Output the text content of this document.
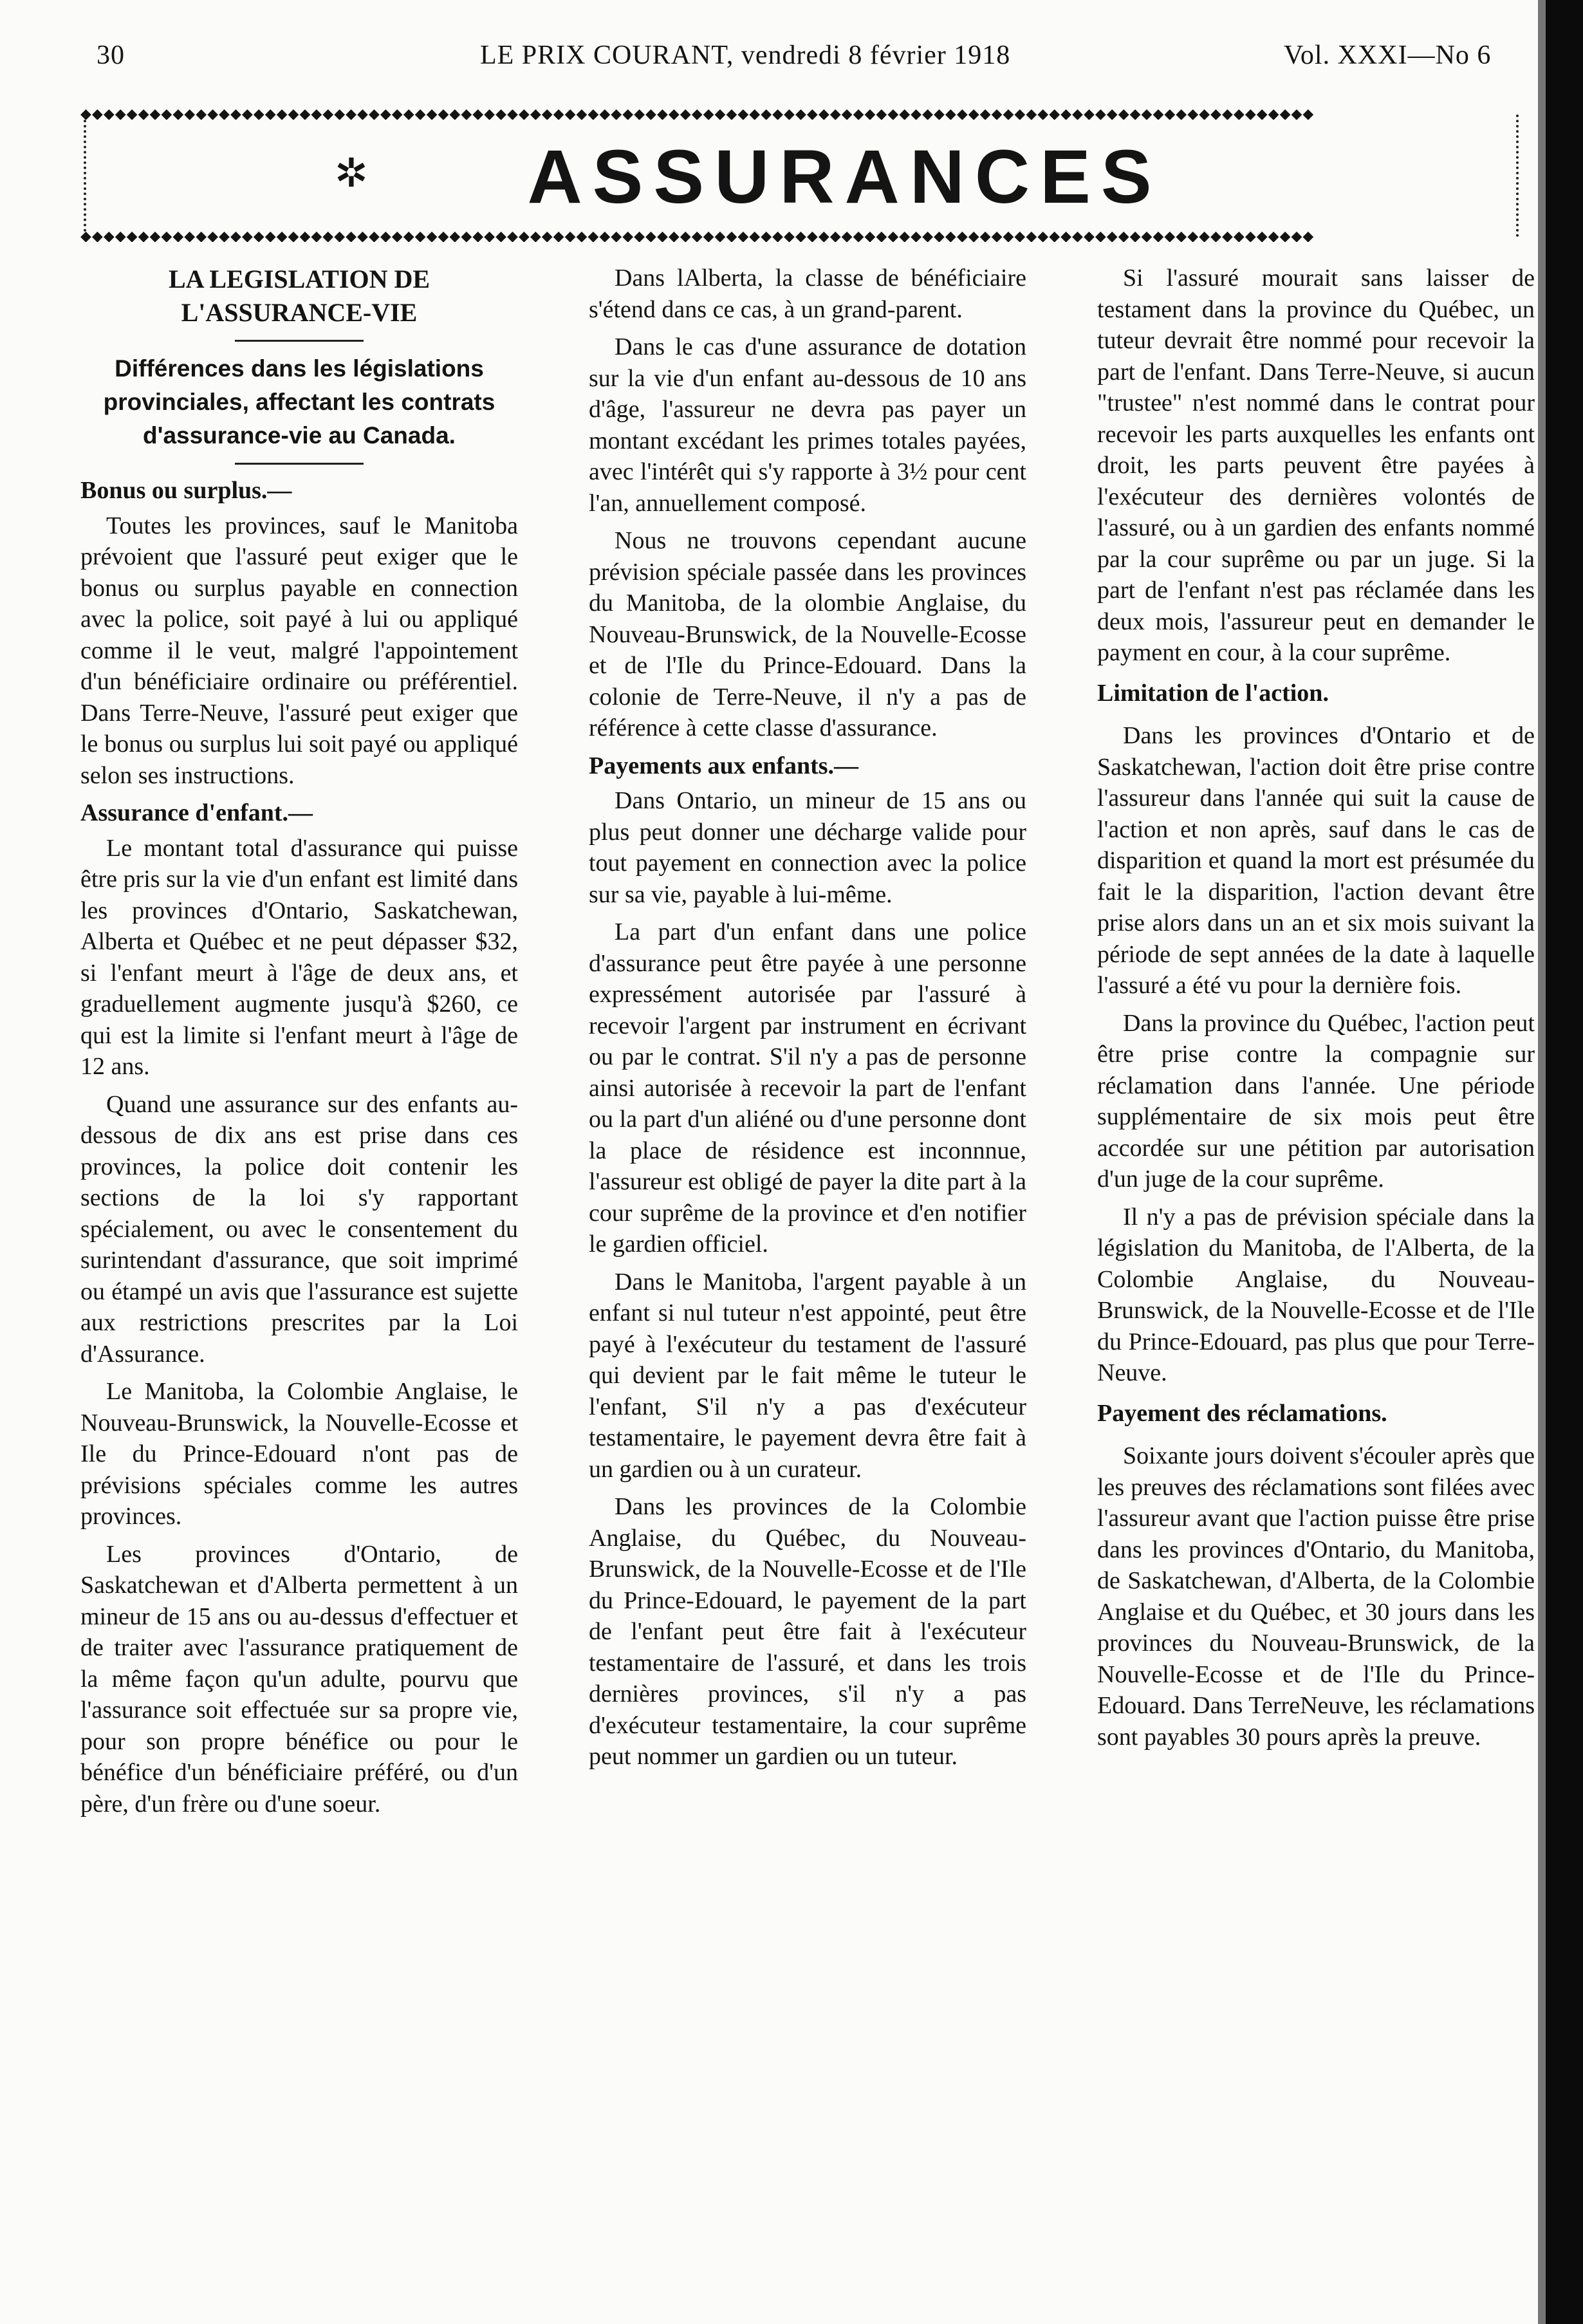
30	LE PRIX COURANT, vendredi 8 février 1918	Vol. XXXI—No 6
◆◆◆◆◆◆◆◆◆◆◆◆◆◆◆◆◆◆◆◆◆◆◆◆◆◆◆◆◆◆◆◆◆◆◆◆◆◆◆◆◆◆◆◆◆◆◆◆◆◆◆◆◆◆◆◆◆◆◆◆◆◆◆◆◆◆◆◆◆◆◆◆◆◆◆◆◆◆◆◆◆◆◆◆◆◆◆◆◆◆◆◆◆◆◆◆◆◆◆◆◆◆◆◆◆◆◆
◆◆◆◆◆◆◆◆◆◆◆◆◆◆◆◆◆◆◆◆◆◆◆◆◆◆◆◆◆◆◆◆◆◆◆◆◆◆◆◆◆◆◆◆◆◆◆◆◆◆◆◆◆◆◆◆◆◆◆◆◆◆◆◆◆◆◆◆◆◆◆◆◆◆◆◆◆◆◆◆◆◆◆◆◆◆◆◆◆◆◆◆◆◆◆◆◆◆◆◆◆◆◆◆◆◆◆
✲	ASSURANCES
LA LEGISLATION DE L'ASSURANCE-VIE
Différences dans les législations provinciales, affectant les contrats d'assurance-vie au Canada.
Bonus ou surplus.—

Toutes les provinces, sauf le Manitoba prévoient que l'assuré peut exiger que le bonus ou surplus payable en connection avec la police, soit payé à lui ou appliqué comme il le veut, malgré l'appointement d'un bénéficiaire ordinaire ou préférentiel. Dans Terre-Neuve, l'assuré peut exiger que le bonus ou surplus lui soit payé ou appliqué selon ses instructions.

Assurance d'enfant.—

Le montant total d'assurance qui puisse être pris sur la vie d'un enfant est limité dans les provinces d'Ontario, Saskatchewan, Alberta et Québec et ne peut dépasser $32, si l'enfant meurt à l'âge de deux ans, et graduellement augmente jusqu'à $260, ce qui est la limite si l'enfant meurt à l'âge de 12 ans.

Quand une assurance sur des enfants au-dessous de dix ans est prise dans ces provinces, la police doit contenir les sections de la loi s'y rapportant spécialement, ou avec le consentement du surintendant d'assurance, que soit imprimé ou étampé un avis que l'assurance est sujette aux restrictions prescrites par la Loi d'Assurance.

Le Manitoba, la Colombie Anglaise, le Nouveau-Brunswick, la Nouvelle-Ecosse et Ile du Prince-Edouard n'ont pas de prévisions spéciales comme les autres provinces.

Les provinces d'Ontario, de Saskatchewan et d'Alberta permettent à un mineur de 15 ans ou au-dessus d'effectuer et de traiter avec l'assurance pratiquement de la même façon qu'un adulte, pourvu que l'assurance soit effectuée sur sa propre vie, pour son propre bénéfice ou pour le bénéfice d'un bénéficiaire préféré, ou d'un père, d'un frère ou d'une soeur.

Dans lAlberta, la classe de bénéficiaire s'étend dans ce cas, à un grand-parent.

Dans le cas d'une assurance de dotation sur la vie d'un enfant au-dessous de 10 ans d'âge, l'assureur ne devra pas payer un montant excédant les primes totales payées, avec l'intérêt qui s'y rapporte à 3½ pour cent l'an, annuellement composé.

Nous ne trouvons cependant aucune prévision spéciale passée dans les provinces du Manitoba, de la olombie Anglaise, du Nouveau-Brunswick, de la Nouvelle-Ecosse et de l'Ile du Prince-Edouard. Dans la colonie de Terre-Neuve, il n'y a pas de référence à cette classe d'assurance.

Payements aux enfants.—

Dans Ontario, un mineur de 15 ans ou plus peut donner une décharge valide pour tout payement en connection avec la police sur sa vie, payable à lui-même.

La part d'un enfant dans une police d'assurance peut être payée à une personne expressément autorisée par l'assuré à recevoir l'argent par instrument en écrivant ou par le contrat. S'il n'y a pas de personne ainsi autorisée à recevoir la part de l'enfant ou la part d'un aliéné ou d'une personne dont la place de résidence est inconnnue, l'assureur est obligé de payer la dite part à la cour suprême de la province et d'en notifier le gardien officiel.

Dans le Manitoba, l'argent payable à un enfant si nul tuteur n'est appointé, peut être payé à l'exécuteur du testament de l'assuré qui devient par le fait même le tuteur le l'enfant, S'il n'y a pas d'exécuteur testamentaire, le payement devra être fait à un gardien ou à un curateur.

Dans les provinces de la Colombie Anglaise, du Québec, du Nouveau-Brunswick, de la Nouvelle-Ecosse et de l'Ile du Prince-Edouard, le payement de la part de l'enfant peut être fait à l'exécuteur testamentaire de l'assuré, et dans les trois dernières provinces, s'il n'y a pas d'exécuteur testamentaire, la cour suprême peut nommer un gardien ou un tuteur.

Si l'assuré mourait sans laisser de testament dans la province du Québec, un tuteur devrait être nommé pour recevoir la part de l'enfant. Dans Terre-Neuve, si aucun "trustee" n'est nommé dans le contrat pour recevoir les parts auxquelles les enfants ont droit, les parts peuvent être payées à l'exécuteur des dernières volontés de l'assuré, ou à un gardien des enfants nommé par la cour suprême ou par un juge. Si la part de l'enfant n'est pas réclamée dans les deux mois, l'assureur peut en demander le payment en cour, à la cour suprême.

Limitation de l'action.

Dans les provinces d'Ontario et de Saskatchewan, l'action doit être prise contre l'assureur dans l'année qui suit la cause de l'action et non après, sauf dans le cas de disparition et quand la mort est présumée du fait le la disparition, l'action devant être prise alors dans un an et six mois suivant la période de sept années de la date à laquelle l'assuré a été vu pour la dernière fois.

Dans la province du Québec, l'action peut être prise contre la compagnie sur réclamation dans l'année. Une période supplémentaire de six mois peut être accordée sur une pétition par autorisation d'un juge de la cour suprême.

Il n'y a pas de prévision spéciale dans la législation du Manitoba, de l'Alberta, de la Colombie Anglaise, du Nouveau-Brunswick, de la Nouvelle-Ecosse et de l'Ile du Prince-Edouard, pas plus que pour Terre-Neuve.

Payement des réclamations.

Soixante jours doivent s'écouler après que les preuves des réclamations sont filées avec l'assureur avant que l'action puisse être prise dans les provinces d'Ontario, du Manitoba, de Saskatchewan, d'Alberta, de la Colombie Anglaise et du Québec, et 30 jours dans les provinces du Nouveau-Brunswick, de la Nouvelle-Ecosse et de l'Ile du Prince-Edouard. Dans TerreNeuve, les réclamations sont payables 30 pours après la preuve.
